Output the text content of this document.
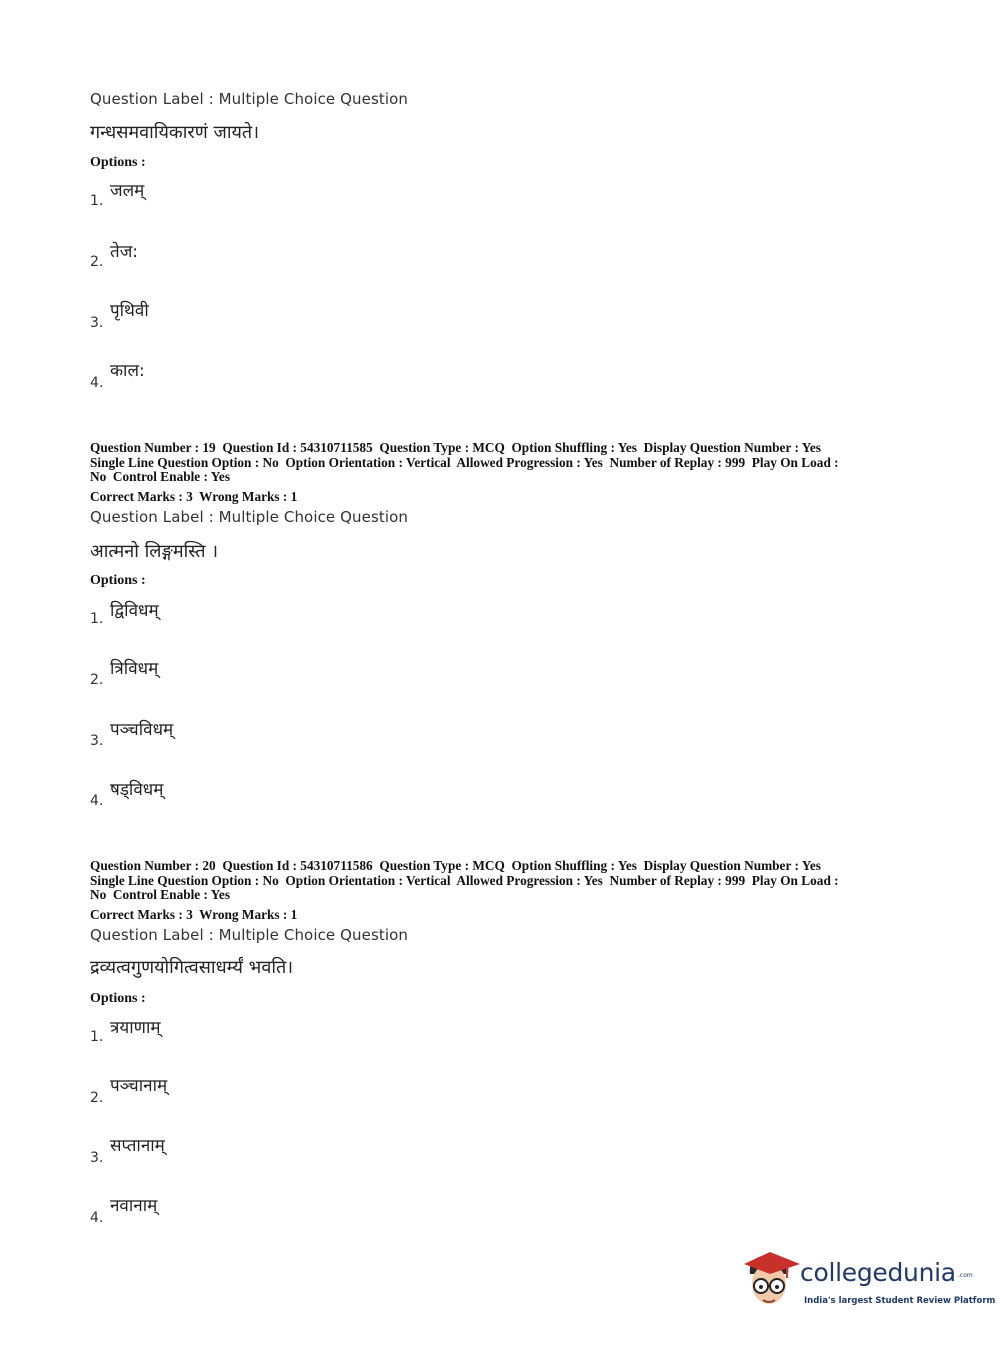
Question Label : Multiple Choice Question
गन्धसमवायिकारणं जायते।
Options :
1. जलम्
2. तेज:
3.
पृथिवी
4.
काल:
Question Number : 19  Question Id : 54310711585  Question Type : MCQ  Option Shuffling : Yes  Display Question Number : Yes
Single Line Question Option : No  Option Orientation : Vertical  Allowed Progression : Yes  Number of Replay : 999  Play On Load :
No  Control Enable : Yes
Correct Marks : 3  Wrong Marks : 1
Question Label : Multiple Choice Question
आत्मनो लिङ्गमस्ति ।
Options :
1. द्विविधम्
2.
त्रिविधम्
3.
पञ्चविधम्
4.
षड्विधम्
Question Number : 20  Question Id : 54310711586  Question Type : MCQ  Option Shuffling : Yes  Display Question Number : Yes
Single Line Question Option : No  Option Orientation : Vertical  Allowed Progression : Yes  Number of Replay : 999  Play On Load :
No  Control Enable : Yes
Correct Marks : 3  Wrong Marks : 1
Question Label : Multiple Choice Question
द्रव्यत्वगुणयोगित्वसाधर्म्यं भवति।
Options :
1. त्रयाणाम्
2.
पञ्चानाम्
3.
सप्तानाम्
4.
नवानाम्
collegedunia .com
India's largest Student Review Platform
